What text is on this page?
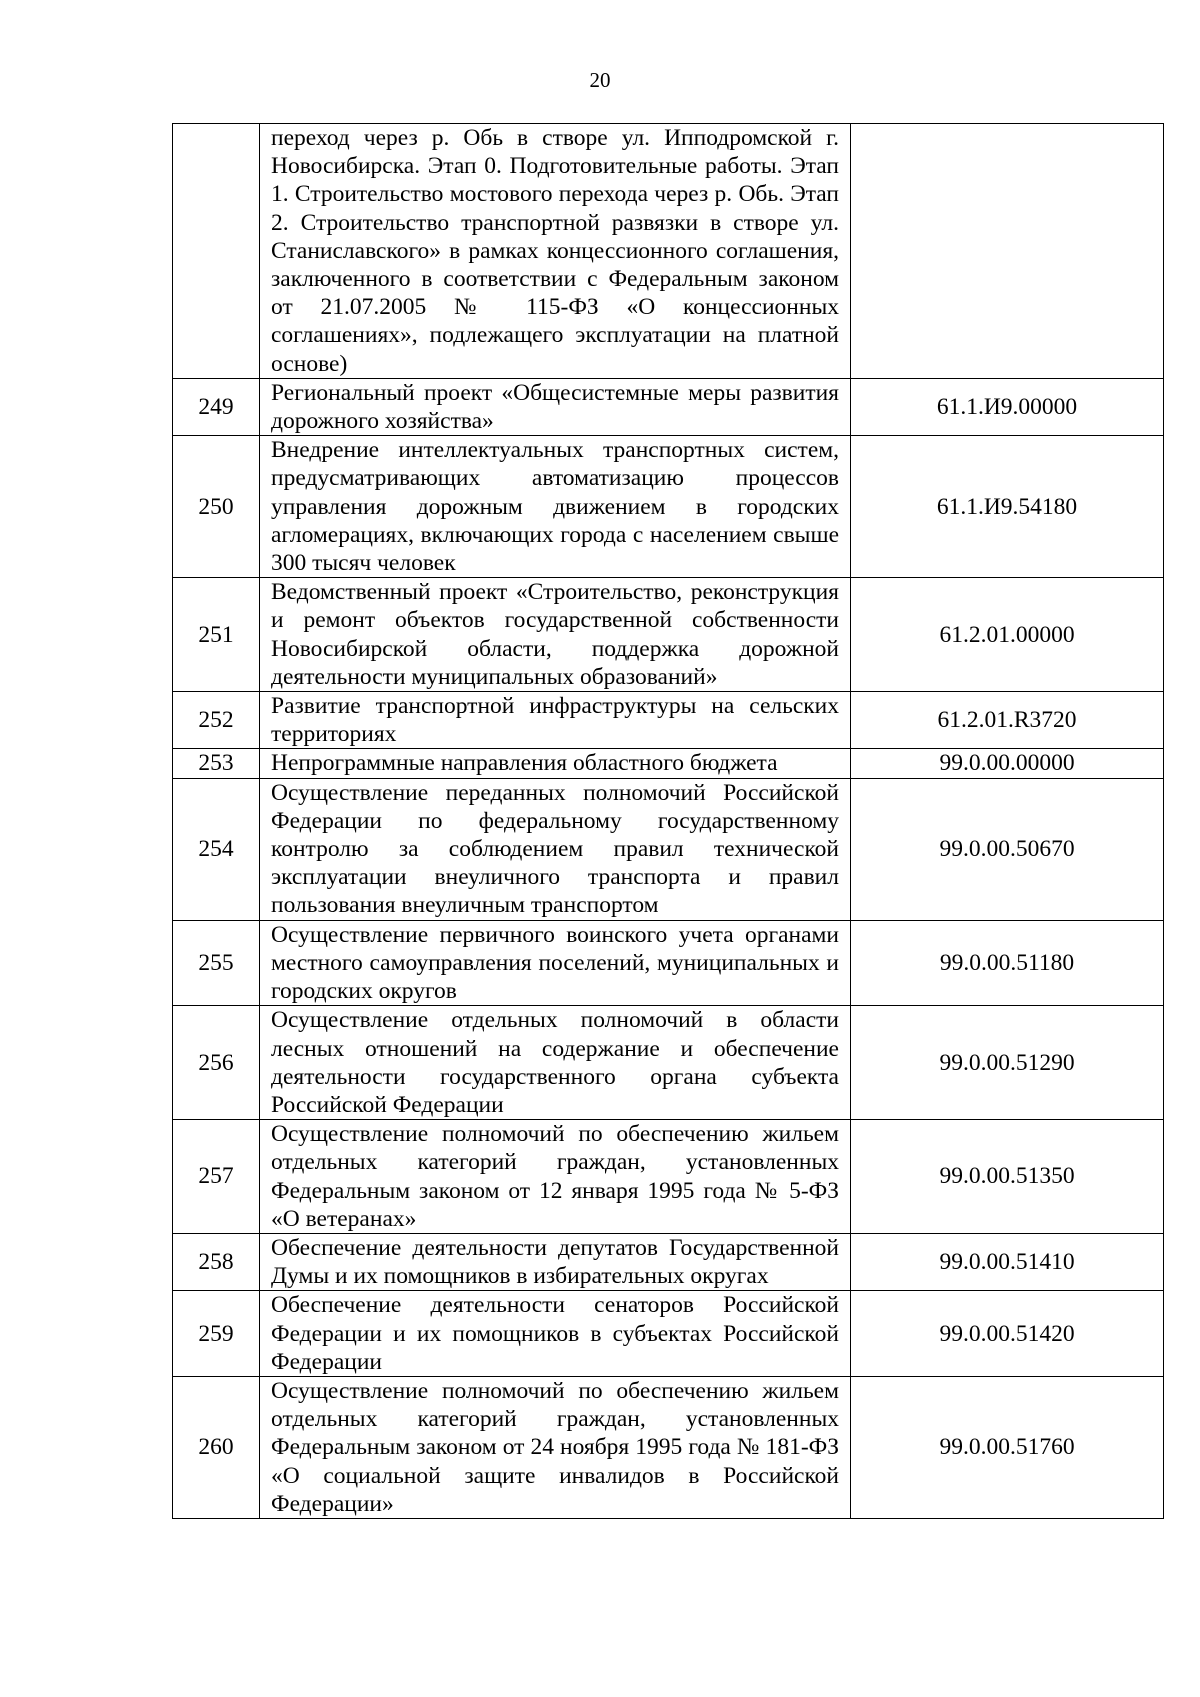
20
	переход через р. Обь в створе ул. Ипподромской г. Новосибирска. Этап 0. Подготовительные работы. Этап 1. Строительство мостового перехода через р. Обь. Этап 2. Строительство транспортной развязки в створе ул. Станиславского» в рамках концессионного соглашения, заключенного в соответствии с Федеральным законом от 21.07.2005 № 115-ФЗ «О концессионных соглашениях», подлежащего эксплуатации на платной основе)	
249	Региональный проект «Общесистемные меры развития дорожного хозяйства»	61.1.И9.00000
250	Внедрение интеллектуальных транспортных систем, предусматривающих автоматизацию процессов управления дорожным движением в городских агломерациях, включающих города с населением свыше 300 тысяч человек	61.1.И9.54180
251	Ведомственный проект «Строительство, реконструкция и ремонт объектов государственной собственности Новосибирской области, поддержка дорожной деятельности муниципальных образований»	61.2.01.00000
252	Развитие транспортной инфраструктуры на сельских территориях	61.2.01.R3720
253	Непрограммные направления областного бюджета	99.0.00.00000
254	Осуществление переданных полномочий Российской Федерации по федеральному государственному контролю за соблюдением правил технической эксплуатации внеуличного транспорта и правил пользования внеуличным транспортом	99.0.00.50670
255	Осуществление первичного воинского учета органами местного самоуправления поселений, муниципальных и городских округов	99.0.00.51180
256	Осуществление отдельных полномочий в области лесных отношений на содержание и обеспечение деятельности государственного органа субъекта Российской Федерации	99.0.00.51290
257	Осуществление полномочий по обеспечению жильем отдельных категорий граждан, установленных Федеральным законом от 12 января 1995 года № 5-ФЗ «О ветеранах»	99.0.00.51350
258	Обеспечение деятельности депутатов Государственной Думы и их помощников в избирательных округах	99.0.00.51410
259	Обеспечение деятельности сенаторов Российской Федерации и их помощников в субъектах Российской Федерации	99.0.00.51420
260	Осуществление полномочий по обеспечению жильем отдельных категорий граждан, установленных Федеральным законом от 24 ноября 1995 года № 181-ФЗ «О социальной защите инвалидов в Российской Федерации»	99.0.00.51760
